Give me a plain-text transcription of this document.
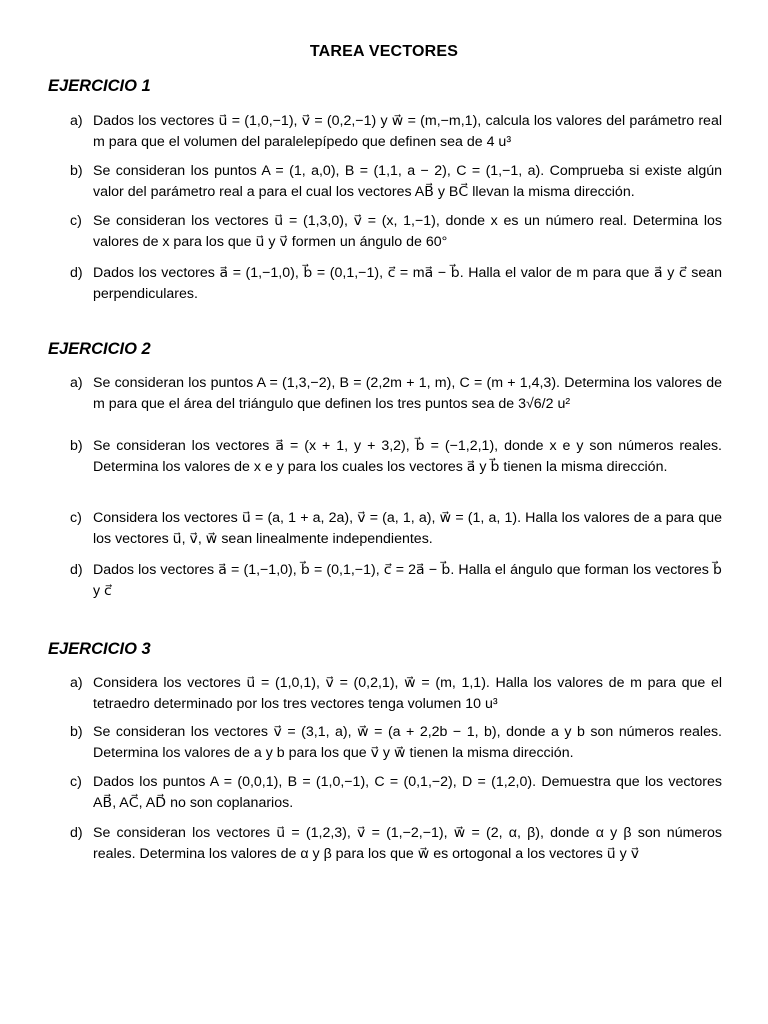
TAREA VECTORES
EJERCICIO 1
a) Dados los vectores u⃗ = (1,0,−1), v⃗ = (0,2,−1) y w⃗ = (m,−m,1), calcula los valores del parámetro real m para que el volumen del paralelepípedo que definen sea de 4 u³
b) Se consideran los puntos A = (1, a,0), B = (1,1, a − 2), C = (1,−1, a). Comprueba si existe algún valor del parámetro real a para el cual los vectores AB⃗ y BC⃗ llevan la misma dirección.
c) Se consideran los vectores u⃗ = (1,3,0), v⃗ = (x, 1,−1), donde x es un número real. Determina los valores de x para los que u⃗ y v⃗ formen un ángulo de 60°
d) Dados los vectores a⃗ = (1,−1,0), b⃗ = (0,1,−1), c⃗ = ma⃗ − b⃗. Halla el valor de m para que a⃗ y c⃗ sean perpendiculares.
EJERCICIO 2
a) Se consideran los puntos A = (1,3,−2), B = (2,2m + 1, m), C = (m + 1,4,3). Determina los valores de m para que el área del triángulo que definen los tres puntos sea de 3√6/2 u²
b) Se consideran los vectores a⃗ = (x + 1, y + 3,2), b⃗ = (−1,2,1), donde x e y son números reales. Determina los valores de x e y para los cuales los vectores a⃗ y b⃗ tienen la misma dirección.
c) Considera los vectores u⃗ = (a, 1 + a, 2a), v⃗ = (a, 1, a), w⃗ = (1, a, 1). Halla los valores de a para que los vectores u⃗, v⃗, w⃗ sean linealmente independientes.
d) Dados los vectores a⃗ = (1,−1,0), b⃗ = (0,1,−1), c⃗ = 2a⃗ − b⃗. Halla el ángulo que forman los vectores b⃗ y c⃗
EJERCICIO 3
a) Considera los vectores u⃗ = (1,0,1), v⃗ = (0,2,1), w⃗ = (m, 1,1). Halla los valores de m para que el tetraedro determinado por los tres vectores tenga volumen 10 u³
b) Se consideran los vectores v⃗ = (3,1, a), w⃗ = (a + 2,2b − 1, b), donde a y b son números reales. Determina los valores de a y b para los que v⃗ y w⃗ tienen la misma dirección.
c) Dados los puntos A = (0,0,1), B = (1,0,−1), C = (0,1,−2), D = (1,2,0). Demuestra que los vectores AB⃗, AC⃗, AD⃗ no son coplanarios.
d) Se consideran los vectores u⃗ = (1,2,3), v⃗ = (1,−2,−1), w⃗ = (2, α, β), donde α y β son números reales. Determina los valores de α y β para los que w⃗ es ortogonal a los vectores u⃗ y v⃗
